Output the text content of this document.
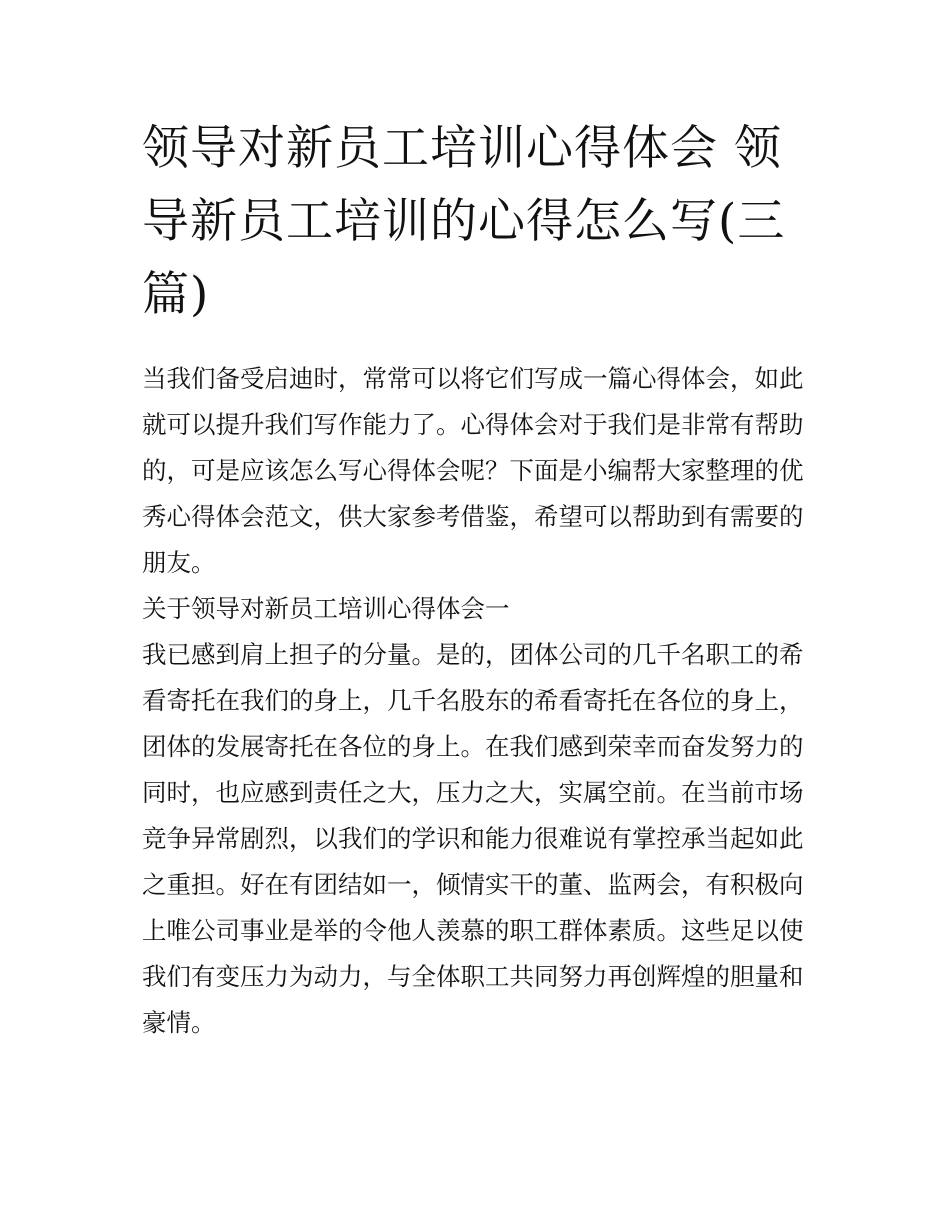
领导对新员工培训心得体会 领导新员工培训的心得怎么写(三篇)

当我们备受启迪时，常常可以将它们写成一篇心得体会，如此就可以提升我们写作能力了。心得体会对于我们是非常有帮助的，可是应该怎么写心得体会呢？下面是小编帮大家整理的优秀心得体会范文，供大家参考借鉴，希望可以帮助到有需要的朋友。

关于领导对新员工培训心得体会一

我已感到肩上担子的分量。是的，团体公司的几千名职工的希看寄托在我们的身上，几千名股东的希看寄托在各位的身上，团体的发展寄托在各位的身上。在我们感到荣幸而奋发努力的同时，也应感到责任之大，压力之大，实属空前。在当前市场竞争异常剧烈，以我们的学识和能力很难说有掌控承当起如此之重担。好在有团结如一，倾情实干的董、监两会，有积极向上唯公司事业是举的令他人羡慕的职工群体素质。这些足以使我们有变压力为动力，与全体职工共同努力再创辉煌的胆量和豪情。
